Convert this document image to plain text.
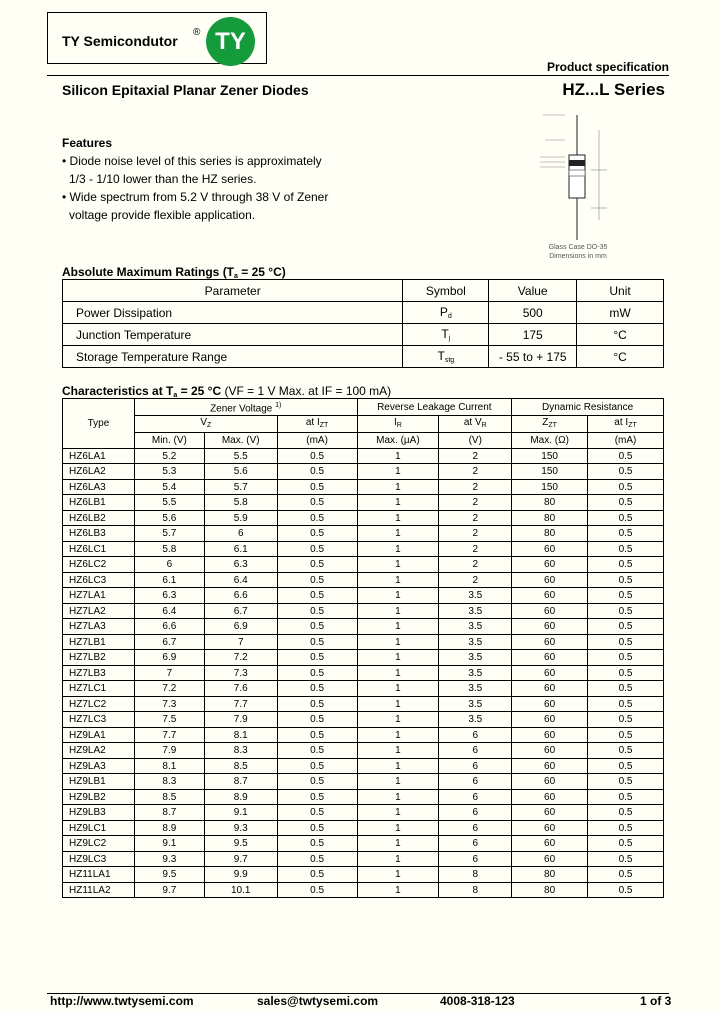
TY Semicondutor
® TY
Product specification
Silicon Epitaxial Planar Zener Diodes	HZ...L Series
Features
• Diode noise level of this series is approximately
1/3 - 1/10 lower than the HZ series.
• Wide spectrum from 5.2 V through 38 V of Zener
voltage provide flexible application.
Glass Case DO-35
Dimensions in mm
Absolute Maximum Ratings ($T_a = 25$ °C)
Parameter	Symbol	Value	Unit
Power Dissipation	$P_d$	500	mW
Junction Temperature	$T_j$	175	°C
Storage Temperature Range	$T_{stg}$	- 55 to + 175	°C
Characteristics at $T_a = 25$ °C (VF = 1 V Max. at IF = 100 mA)
Type	Zener Voltage $^{1)}$			Reverse Leakage Current		Dynamic Resistance	
	$V_Z$		at $I_{ZT}$	$I_R$	at $V_R$	$Z_{ZT}$	at $I_{ZT}$
	Min. (V)	Max. (V)	(mA)	Max. (µA)	(V)	Max. (Ω)	(mA)
HZ6LA1	5.2	5.5	0.5	1	2	150	0.5
HZ6LA2	5.3	5.6	0.5	1	2	150	0.5
HZ6LA3	5.4	5.7	0.5	1	2	150	0.5
HZ6LB1	5.5	5.8	0.5	1	2	80	0.5
HZ6LB2	5.6	5.9	0.5	1	2	80	0.5
HZ6LB3	5.7	6	0.5	1	2	80	0.5
HZ6LC1	5.8	6.1	0.5	1	2	60	0.5
HZ6LC2	6	6.3	0.5	1	2	60	0.5
HZ6LC3	6.1	6.4	0.5	1	2	60	0.5
HZ7LA1	6.3	6.6	0.5	1	3.5	60	0.5
HZ7LA2	6.4	6.7	0.5	1	3.5	60	0.5
HZ7LA3	6.6	6.9	0.5	1	3.5	60	0.5
HZ7LB1	6.7	7	0.5	1	3.5	60	0.5
HZ7LB2	6.9	7.2	0.5	1	3.5	60	0.5
HZ7LB3	7	7.3	0.5	1	3.5	60	0.5
HZ7LC1	7.2	7.6	0.5	1	3.5	60	0.5
HZ7LC2	7.3	7.7	0.5	1	3.5	60	0.5
HZ7LC3	7.5	7.9	0.5	1	3.5	60	0.5
HZ9LA1	7.7	8.1	0.5	1	6	60	0.5
HZ9LA2	7.9	8.3	0.5	1	6	60	0.5
HZ9LA3	8.1	8.5	0.5	1	6	60	0.5
HZ9LB1	8.3	8.7	0.5	1	6	60	0.5
HZ9LB2	8.5	8.9	0.5	1	6	60	0.5
HZ9LB3	8.7	9.1	0.5	1	6	60	0.5
HZ9LC1	8.9	9.3	0.5	1	6	60	0.5
HZ9LC2	9.1	9.5	0.5	1	6	60	0.5
HZ9LC3	9.3	9.7	0.5	1	6	60	0.5
HZ11LA1	9.5	9.9	0.5	1	8	80	0.5
HZ11LA2	9.7	10.1	0.5	1	8	80	0.5
http://www.twtysemi.com	sales@twtysemi.com	4008-318-123	1 of 3
